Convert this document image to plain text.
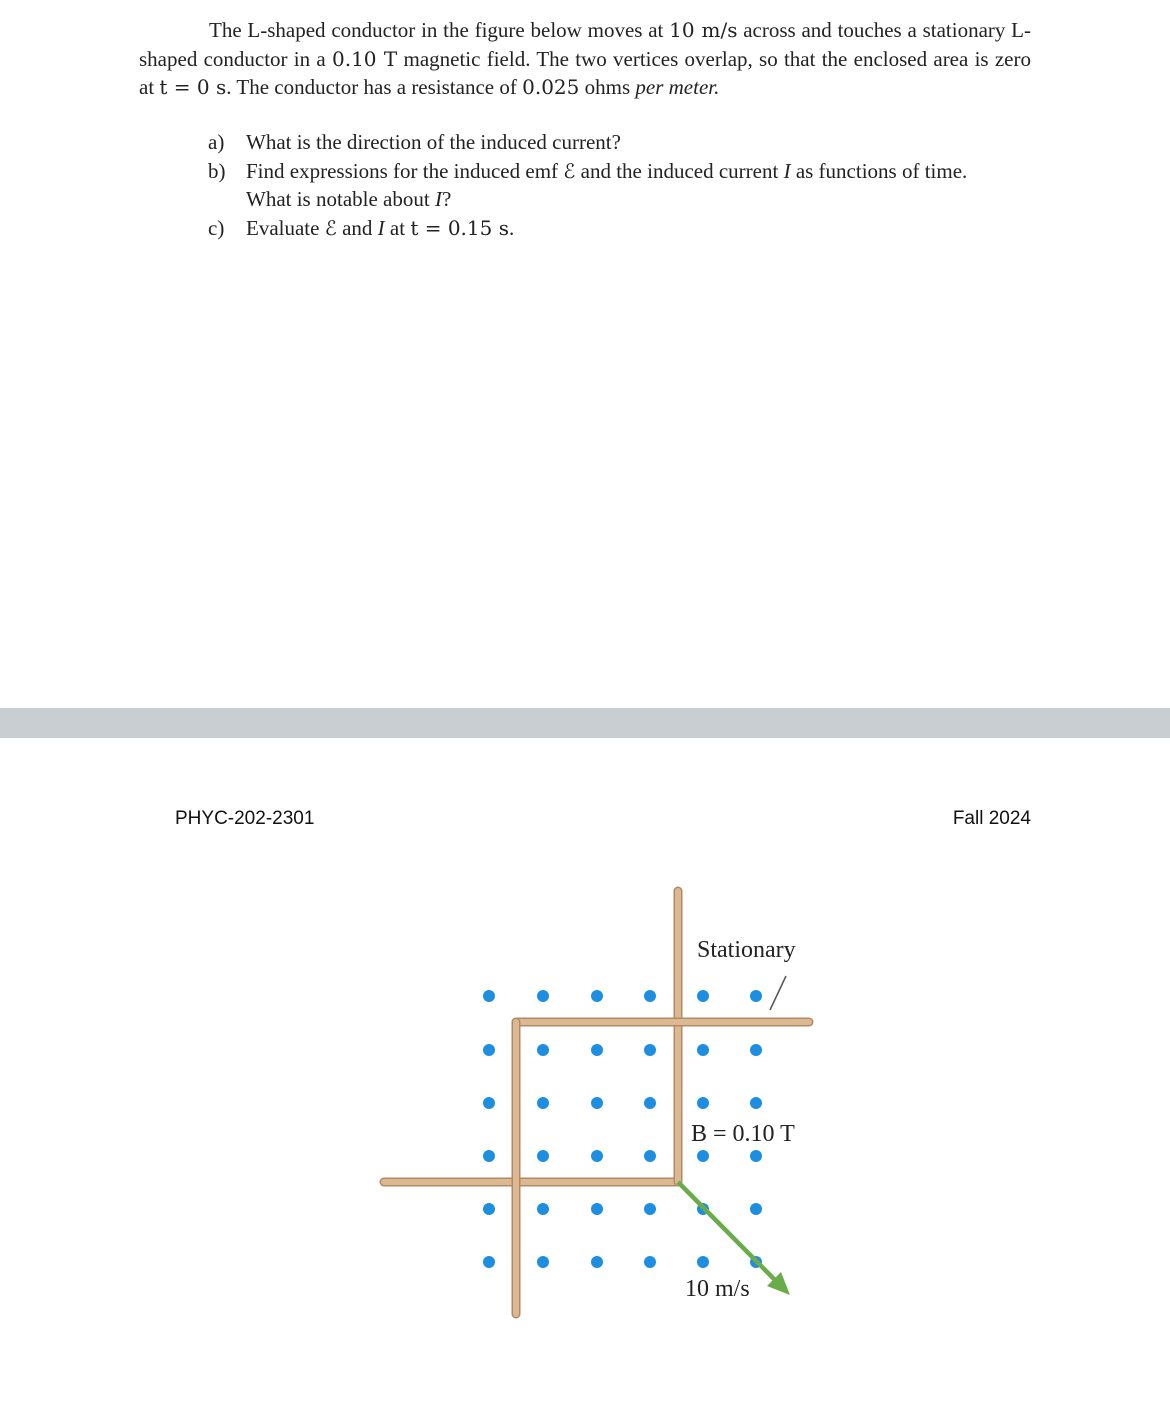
The L-shaped conductor in the figure below moves at 10 m/s across and touches a stationary L-shaped conductor in a 0.10 T magnetic field. The two vertices overlap, so that the enclosed area is zero at t = 0 s. The conductor has a resistance of 0.025 ohms per meter.
a)	What is the direction of the induced current?
b) Find expressions for the induced emf ℰ and the induced current I as functions of time. What is notable about I?
c)	Evaluate ℰ and I at t = 0.15 s.
PHYC-202-2301	Fall 2024
Stationary
B = 0.10 T
10 m/s
